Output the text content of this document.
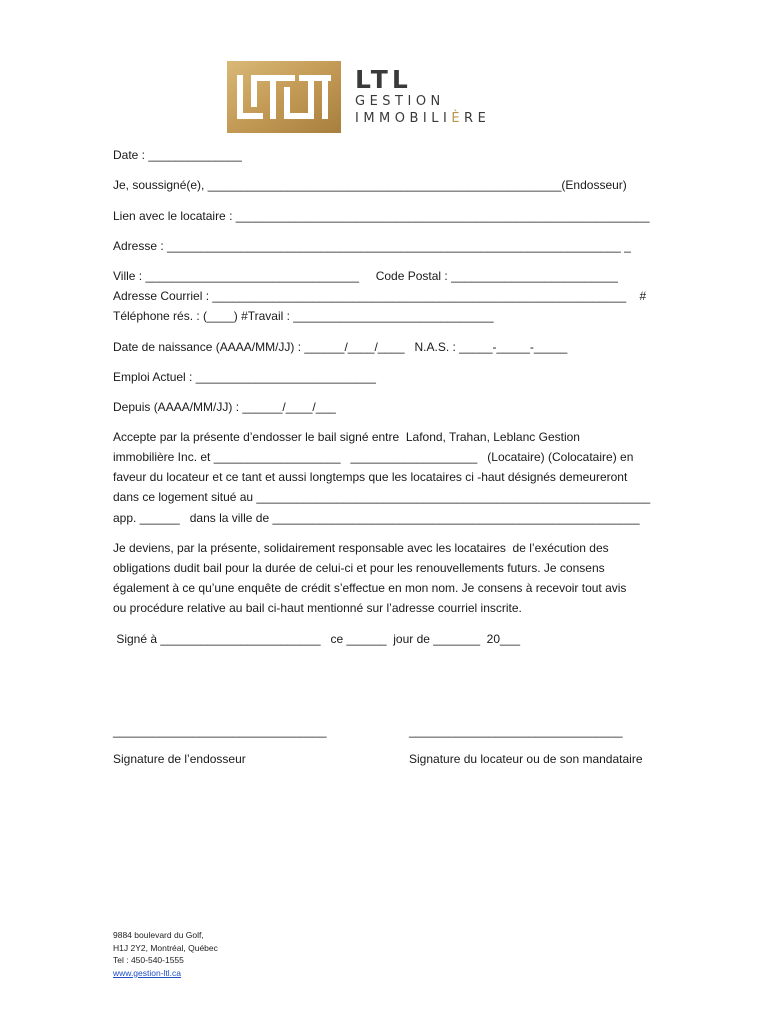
LTL
GESTION
IMMOBILIÈRE
Date : ______________
Je, soussigné(e), _____________________________________________________(Endosseur)
Lien avec le locataire : ______________________________________________________________
Adresse : ____________________________________________________________________ _
Ville : ________________________________     Code Postal : _________________________
Adresse Courriel : ______________________________________________________________    #
Téléphone rés. : (____) #Travail : ______________________________
Date de naissance (AAAA/MM/JJ) : ______/____/____   N.A.S. : _____-_____-_____
Emploi Actuel : ___________________________
Depuis (AAAA/MM/JJ) : ______/____/___
Accepte par la présente d’endosser le bail signé entre  Lafond, Trahan, Leblanc Gestion
immobilière Inc. et ___________________   ___________________   (Locataire) (Colocataire) en
faveur du locateur et ce tant et aussi longtemps que les locataires ci -haut désignés demeureront
dans ce logement situé au ___________________________________________________________
app. ______   dans la ville de _______________________________________________________
Je deviens, par la présente, solidairement responsable avec les locataires  de l’exécution des
obligations dudit bail pour la durée de celui-ci et pour les renouvellements futurs. Je consens
également à ce qu’une enquête de crédit s’effectue en mon nom. Je consens à recevoir tout avis
ou procédure relative au bail ci-haut mentionné sur l’adresse courriel inscrite.
Signé à ________________________   ce ______  jour de _______  20___
________________________________	________________________________
Signature de l’endosseur	Signature du locateur ou de son mandataire
9884 boulevard du Golf,
H1J 2Y2, Montréal, Québec
Tel : 450-540-1555
www.gestion-ltl.ca
